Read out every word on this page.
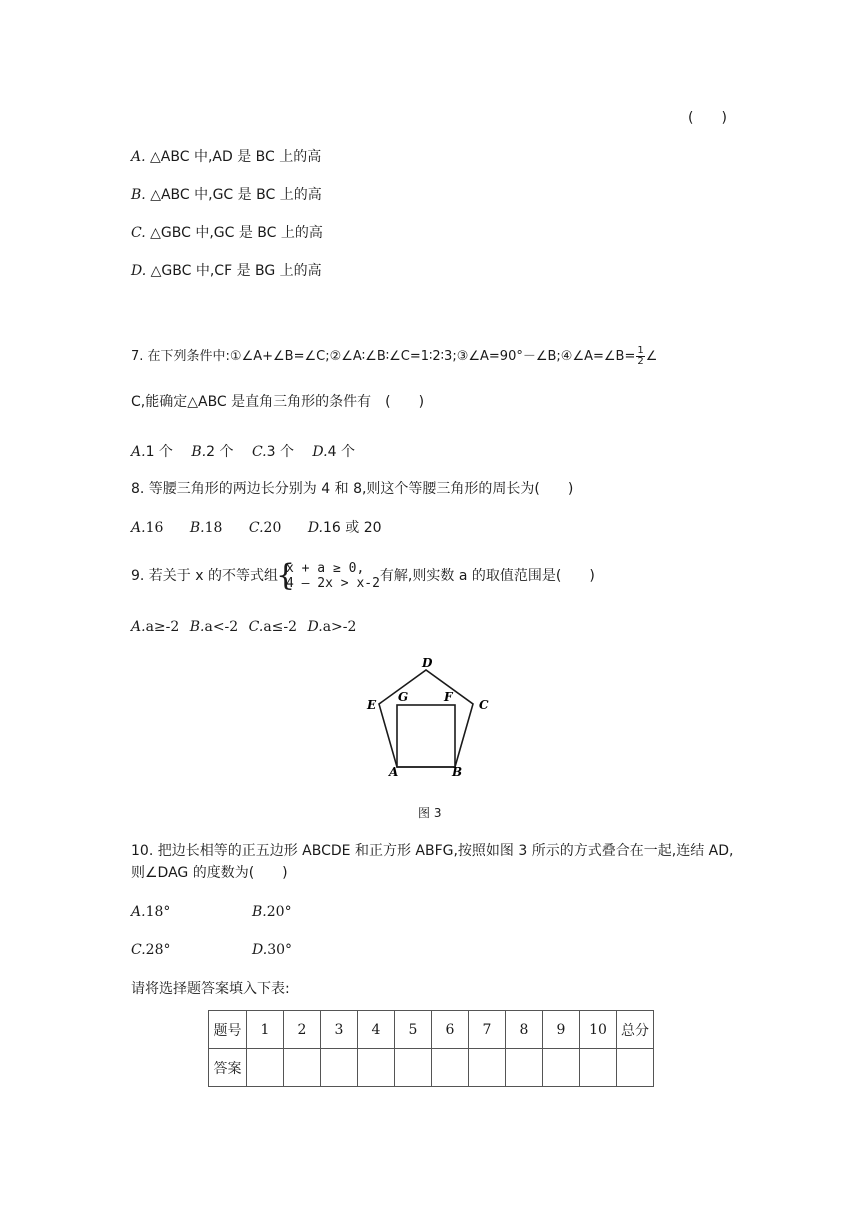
(　　)
A. △ABC 中,AD 是 BC 上的高
B. △ABC 中,GC 是 BC 上的高
C. △GBC 中,GC 是 BC 上的高
D. △GBC 中,CF 是 BG 上的高
7. 在下列条件中:①∠A+∠B=∠C;②∠A∶∠B∶∠C=1∶2∶3;③∠A=90°－∠B;④∠A=∠B= $\frac{1}{2}$ ∠
C,能确定△ABC 是直角三角形的条件有　(　　)
A.1 个 B.2 个 C.3 个 D.4 个
8. 等腰三角形的两边长分别为 4 和 8,则这个等腰三角形的周长为(　　)
A.16 B.18 C.20 D.16 或 20
9. 若关于 x 的不等式组
{
x + a ≥ 0,
4 – 2x > x-2 有解,则实数 a 的取值范围是(　　)
A.a≥-2 B.a<-2 C.a≤-2 D.a>-2
D
E	C
G	F
A	B
图 3
10. 把边长相等的正五边形 ABCDE 和正方形 ABFG,按照如图 3 所示的方式叠合在一起,连结 AD,
则∠DAG 的度数为(　　)
A.18°	B.20°
C.28°	D.30°
请将选择题答案填入下表:
题号	1	2	3	4	5	6	7	8	9	10	总分
答案											
